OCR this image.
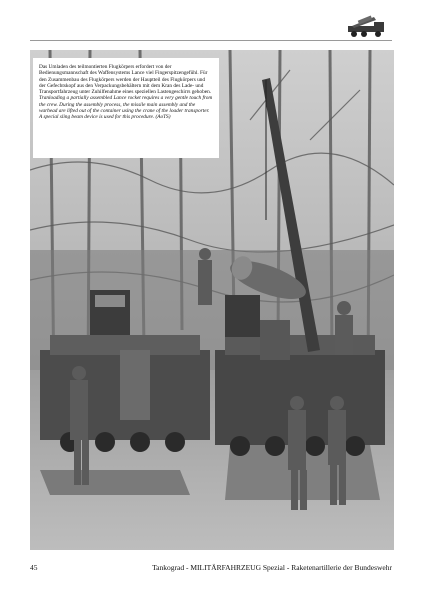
Das Umladen des teilmontierten Flugkörpers erfordert von der Bedienungsmannschaft des Waffensystems Lance viel Fingerspitzengefühl. Für den Zusammenbau des Flugkörpers werden der Hauptteil des Flugkörpers und der Gefechtskopf aus den Verpackungsbehältern mit dem Kran des Lade- und Transportfahrzeug unter Zuhilfenahme eines speziellen Lastengeschirrs gehoben.

Tranloading a partially assembled Lance rocket requires a very gentle touch from the crew. During the assembly process, the missile main assembly and the warhead are lifted out of the container using the crane of the loader transporter. A special sling beam device is used for this procedure. (AoTS)

45	Tankograd - MILITÄRFAHRZEUG Spezial - Raketenartillerie der Bundeswehr
